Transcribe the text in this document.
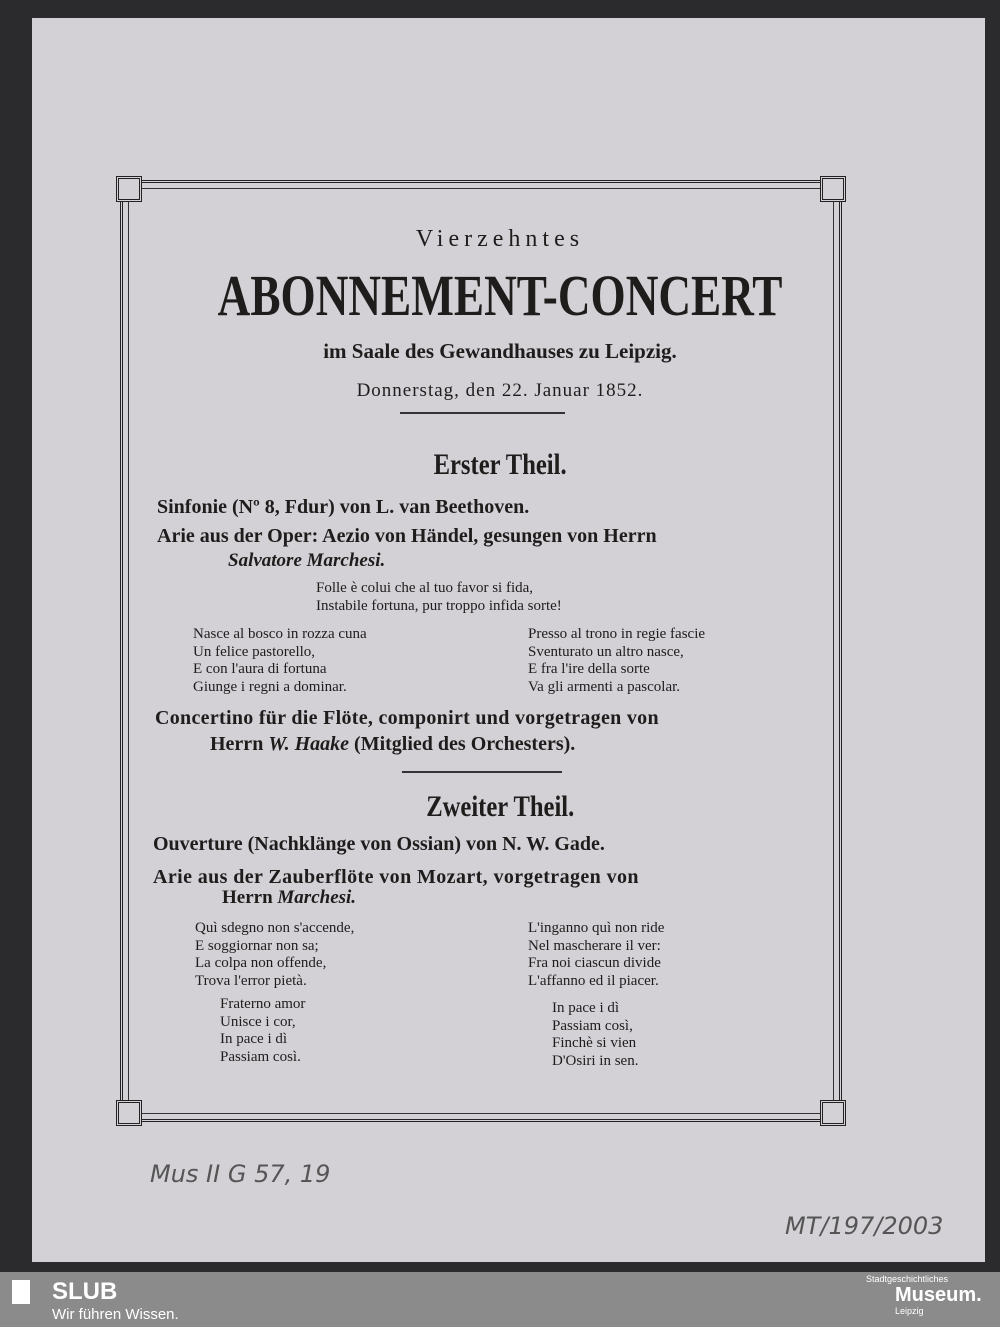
Vierzehntes
ABONNEMENT-CONCERT
im Saale des Gewandhauses zu Leipzig.
Donnerstag, den 22. Januar 1852.
Erster Theil.
Sinfonie (Nº 8, Fdur) von L. van Beethoven.
Arie aus der Oper: Aezio von Händel, gesungen von Herrn
Salvatore Marchesi.
Folle è colui che al tuo favor si fida,
Instabile fortuna, pur troppo infida sorte!
Nasce al bosco in rozza cuna
Un felice pastorello,
E con l'aura di fortuna
Giunge i regni a dominar.
Presso al trono in regie fascie
Sventurato un altro nasce,
E fra l'ire della sorte
Va gli armenti a pascolar.
Concertino für die Flöte, componirt und vorgetragen von
Herrn W. Haake (Mitglied des Orchesters).
Zweiter Theil.
Ouverture (Nachklänge von Ossian) von N. W. Gade.
Arie aus der Zauberflöte von Mozart, vorgetragen von
Herrn Marchesi.
Quì sdegno non s'accende,
E soggiornar non sa;
La colpa non offende,
Trova l'error pietà.
Fraterno amor
Unisce i cor,
In pace i dì
Passiam così.
L'inganno quì non ride
Nel mascherare il ver:
Fra noi ciascun divide
L'affanno ed il piacer.
In pace i dì
Passiam così,
Finchè si vien
D'Osiri in sen.
Mus II G 57, 19
MT/197/2003
SLUB
Wir führen Wissen.
Stadtgeschichtliches
Museum.
Leipzig
